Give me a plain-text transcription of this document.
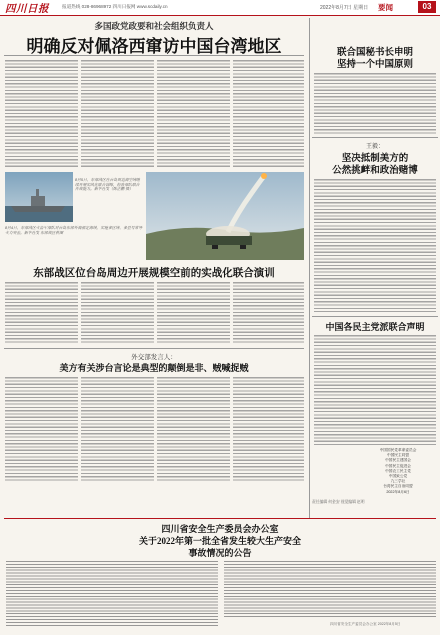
四川日报	报道热线 028-86968972 四川日报网 www.scdaily.cn	2022年8月7日 星期日 要闻	03
多国政党政要和社会组织负责人
明确反对佩洛西窜访中国台湾地区
8月5日，东部战区在台岛周边海空域继续开展实战化联合训练，检验部队联合作战能力。新华社发（陈正鹏 摄）
8月4日，东部战区火箭军部队对台岛东部外海预定海域，实施多区域、多型号常导火力突击。新华社发 东部战区供图
东部战区位台岛周边开展规模空前的实战化联合演训
外交部发言人：
美方有关涉台言论是典型的颠倒是非、贼喊捉贼
联合国秘书长申明
坚持一个中国原则
王毅：
坚决抵制美方的
公然挑衅和政治赌博
中国各民主党派联合声明
中国国民党革命委员会
中国民主同盟
中国民主建国会
中国民主促进会
中国农工民主党
中国致公党
九三学社
台湾民主自治同盟
2022年8月6日
责任编辑 何金安 视觉编辑 赵明
四川省安全生产委员会办公室
关于2022年第一批全省发生较大生产安全
事故情况的公告
四川省安全生产委员会办公室 2022年8月5日
